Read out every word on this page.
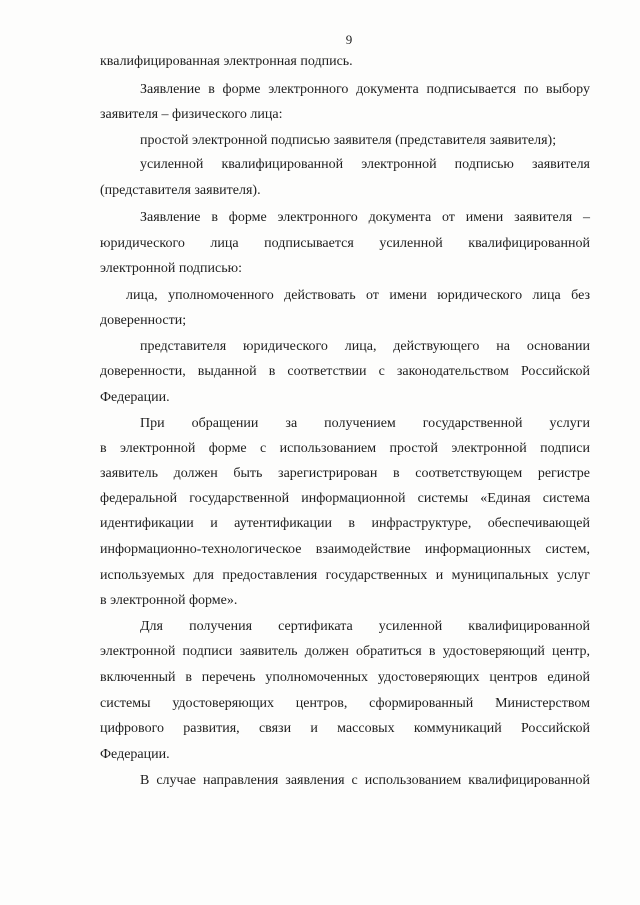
9
квалифицированная электронная подпись.
Заявление в форме электронного документа подписывается по выбору
заявителя – физического лица:
простой электронной подписью заявителя (представителя заявителя);
усиленной квалифицированной электронной подписью заявителя
(представителя заявителя).
Заявление в форме электронного документа от имени заявителя –
юридического лица подписывается усиленной квалифицированной
электронной подписью:
лица, уполномоченного действовать от имени юридического лица без
доверенности;
представителя юридического лица, действующего на основании
доверенности, выданной в соответствии с законодательством Российской
Федерации.
При обращении за получением государственной услуги
в электронной форме с использованием простой электронной подписи
заявитель должен быть зарегистрирован в соответствующем регистре
федеральной государственной информационной системы «Единая система
идентификации и аутентификации в инфраструктуре, обеспечивающей
информационно-технологическое взаимодействие информационных систем,
используемых для предоставления государственных и муниципальных услуг
в электронной форме».
Для получения сертификата усиленной квалифицированной
электронной подписи заявитель должен обратиться в удостоверяющий центр,
включенный в перечень уполномоченных удостоверяющих центров единой
системы удостоверяющих центров, сформированный Министерством
цифрового развития, связи и массовых коммуникаций Российской
Федерации.
В случае направления заявления с использованием квалифицированной
